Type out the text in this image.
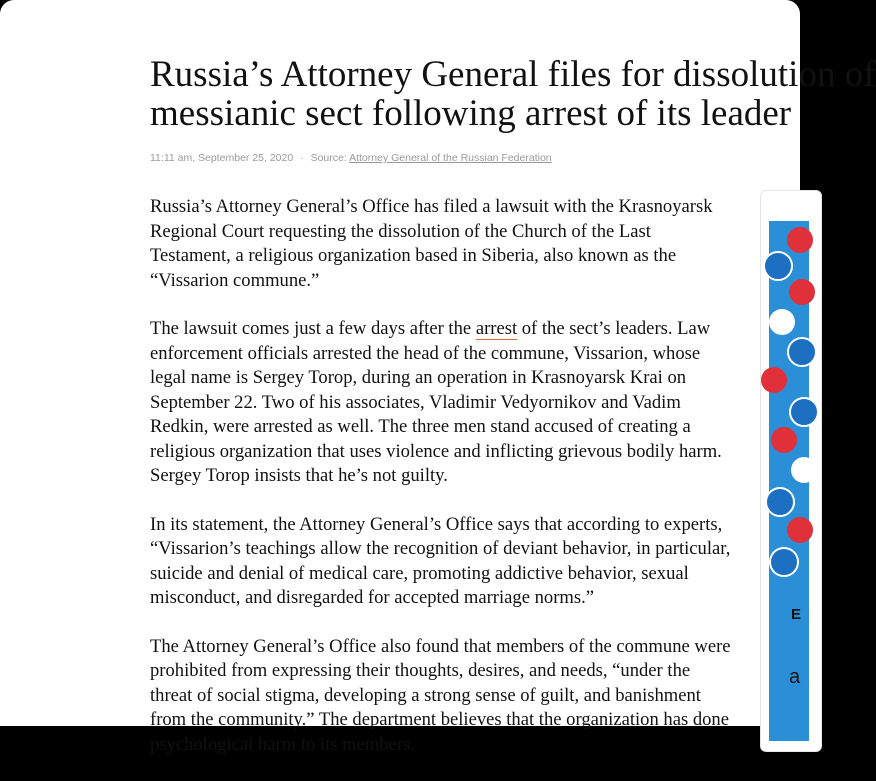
Russia’s Attorney General files for dissolution of
messianic sect following arrest of its leader
11:11 am, September 25, 2020 · Source: Attorney General of the Russian Federation

Russia’s Attorney General’s Office has filed a lawsuit with the Krasnoyarsk
Regional Court requesting the dissolution of the Church of the Last
Testament, a religious organization based in Siberia, also known as the
“Vissarion commune.”

The lawsuit comes just a few days after the arrest of the sect’s leaders. Law
enforcement officials arrested the head of the commune, Vissarion, whose
legal name is Sergey Torop, during an operation in Krasnoyarsk Krai on
September 22. Two of his associates, Vladimir Vedyornikov and Vadim
Redkin, were arrested as well. The three men stand accused of creating a
religious organization that uses violence and inflicting grievous bodily harm.
Sergey Torop insists that he’s not guilty.

In its statement, the Attorney General’s Office says that according to experts,
“Vissarion’s teachings allow the recognition of deviant behavior, in particular,
suicide and denial of medical care, promoting addictive behavior, sexual
misconduct, and disregarded for accepted marriage norms.”

The Attorney General’s Office also found that members of the commune were
prohibited from expressing their thoughts, desires, and needs, “under the
threat of social stigma, developing a strong sense of guilt, and banishment
from the community.” The department believes that the organization has done
psychological harm to its members.

E
a
